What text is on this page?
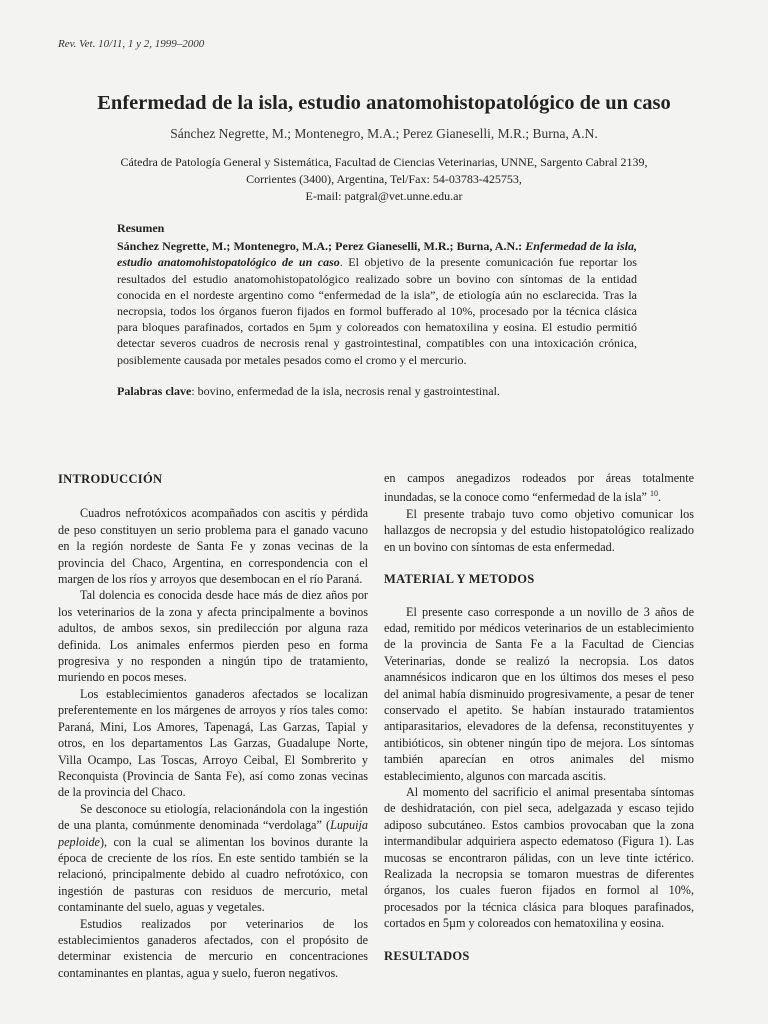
Rev. Vet. 10/11, 1 y 2, 1999–2000
Enfermedad de la isla, estudio anatomohistopatológico de un caso
Sánchez Negrette, M.; Montenegro, M.A.; Perez Gianeselli, M.R.; Burna, A.N.
Cátedra de Patología General y Sistemática, Facultad de Ciencias Veterinarias, UNNE, Sargento Cabral 2139,
Corrientes (3400), Argentina, Tel/Fax: 54-03783-425753,
E-mail: patgral@vet.unne.edu.ar
Resumen
Sánchez Negrette, M.; Montenegro, M.A.; Perez Gianeselli, M.R.; Burna, A.N.: Enfermedad de la isla, estudio anatomohistopatológico de un caso. El objetivo de la presente comunicación fue reportar los resultados del estudio anatomohistopatológico realizado sobre un bovino con síntomas de la entidad conocida en el nordeste argentino como “enfermedad de la isla”, de etiología aún no esclarecida. Tras la necropsia, todos los órganos fueron fijados en formol bufferado al 10%, procesado por la técnica clásica para bloques parafinados, cortados en 5µm y coloreados con hematoxilina y eosina. El estudio permitió detectar severos cuadros de necrosis renal y gastrointestinal, compatibles con una intoxicación crónica, posiblemente causada por metales pesados como el cromo y el mercurio.
Palabras clave: bovino, enfermedad de la isla, necrosis renal y gastrointestinal.
INTRODUCCIÓN

Cuadros nefrotóxicos acompañados con ascitis y pérdida de peso constituyen un serio problema para el ganado vacuno en la región nordeste de Santa Fe y zonas vecinas de la provincia del Chaco, Argentina, en correspondencia con el margen de los ríos y arroyos que desembocan en el río Paraná.

Tal dolencia es conocida desde hace más de diez años por los veterinarios de la zona y afecta principalmente a bovinos adultos, de ambos sexos, sin predilección por alguna raza definida. Los animales enfermos pierden peso en forma progresiva y no responden a ningún tipo de tratamiento, muriendo en pocos meses.

Los establecimientos ganaderos afectados se localizan preferentemente en los márgenes de arroyos y ríos tales como: Paraná, Mini, Los Amores, Tapenagá, Las Garzas, Tapial y otros, en los departamentos Las Garzas, Guadalupe Norte, Villa Ocampo, Las Toscas, Arroyo Ceibal, El Sombrerito y Reconquista (Provincia de Santa Fe), así como zonas vecinas de la provincia del Chaco.

Se desconoce su etiología, relacionándola con la ingestión de una planta, comúnmente denominada “verdolaga” (Lupuija peploide), con la cual se alimentan los bovinos durante la época de creciente de los ríos. En este sentido también se la relacionó, principalmente debido al cuadro nefrotóxico, con ingestión de pasturas con residuos de mercurio, metal contaminante del suelo, aguas y vegetales.

Estudios realizados por veterinarios de los establecimientos ganaderos afectados, con el propósito de determinar existencia de mercurio en concentraciones contaminantes en plantas, agua y suelo, fueron negativos.

en campos anegadizos rodeados por áreas totalmente inundadas, se la conoce como “enfermedad de la isla” $^{10}$.

El presente trabajo tuvo como objetivo comunicar los hallazgos de necropsia y del estudio histopatológico realizado en un bovino con síntomas de esta enfermedad.

MATERIAL Y METODOS

El presente caso corresponde a un novillo de 3 años de edad, remitido por médicos veterinarios de un establecimiento de la provincia de Santa Fe a la Facultad de Ciencias Veterinarias, donde se realizó la necropsia. Los datos anamnésicos indicaron que en los últimos dos meses el peso del animal había disminuido progresivamente, a pesar de tener conservado el apetito. Se habían instaurado tratamientos antiparasitarios, elevadores de la defensa, reconstituyentes y antibióticos, sin obtener ningún tipo de mejora. Los síntomas también aparecían en otros animales del mismo establecimiento, algunos con marcada ascitis.

Al momento del sacrificio el animal presentaba síntomas de deshidratación, con piel seca, adelgazada y escaso tejido adiposo subcutáneo. Estos cambios provocaban que la zona intermandibular adquiriera aspecto edematoso (Figura 1). Las mucosas se encontraron pálidas, con un leve tinte ictérico. Realizada la necropsia se tomaron muestras de diferentes órganos, los cuales fueron fijados en formol al 10%, procesados por la técnica clásica para bloques parafinados, cortados en 5µm y coloreados con hematoxilina y eosina.

RESULTADOS
